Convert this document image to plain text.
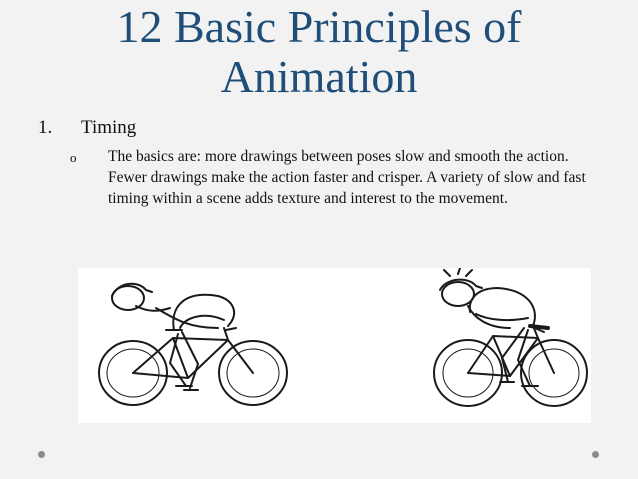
12 Basic Principles of
Animation
1. Timing
o The basics are: more drawings between poses slow and smooth the action. Fewer drawings make the action faster and crisper. A variety of slow and fast timing within a scene adds texture and interest to the movement.
